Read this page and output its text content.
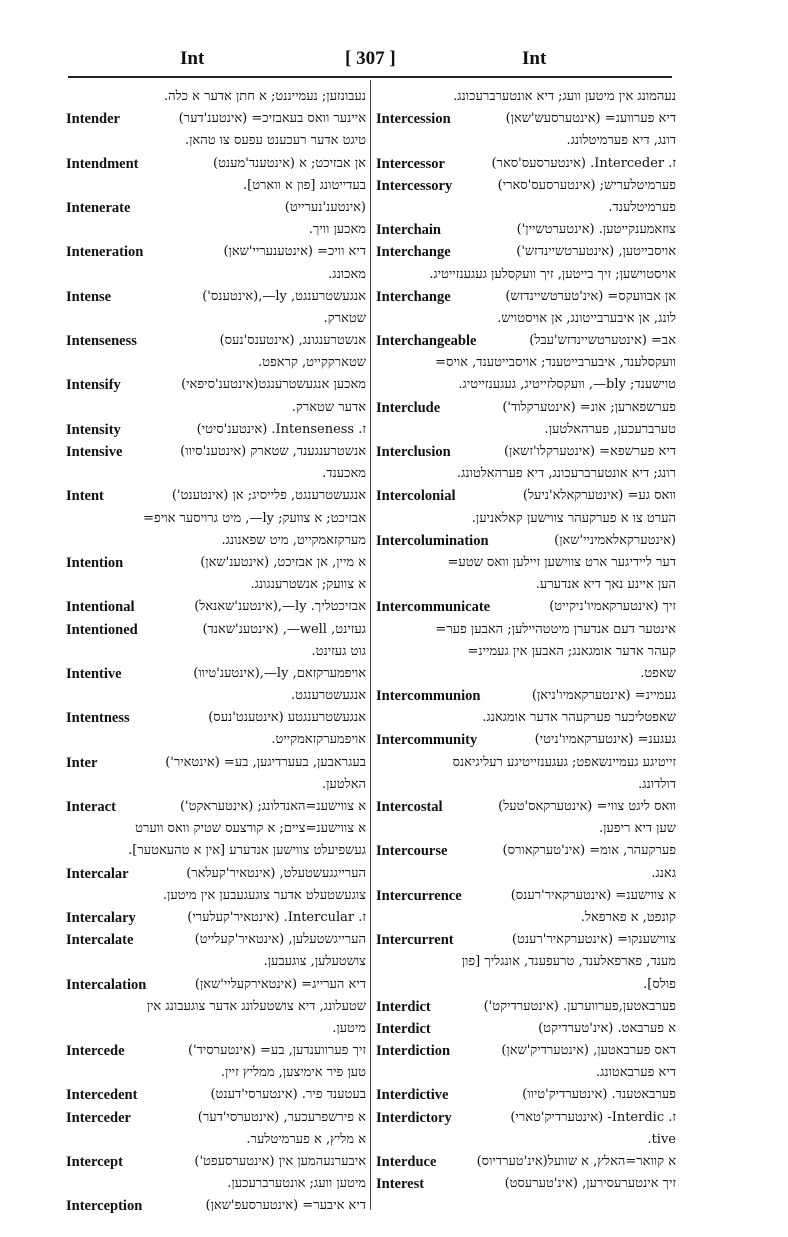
Int	[ 307 ]	Int
נעבונזען; נעמייננט; א חתן אדער א כלה.
Intender	איינער וואס בעאבזיכ= (אינטענ'דער)
טיגט אדער רעכענט עפעס צו טהאן.
Intendment	אן אבזיכט; א (אינטענד'מענט)
בעדייטונג [פון א ווארט].
Intenerate	(אינטענ'נערייט)
מאכען וויך.
Inteneration	דיא וויכ= (אינטענעריי'שאן)
מאכונג.
Intense	אנגעשטרענגט, ly—,(אינטענס')
שטארק.
Intenseness	אנשטרענגונג, (אינטענס'נעס)
שטארקקייט, קראפט.
Intensify	מאכען אנגעשטרענגט(אינטענ'סיפאי)
אדער שטארק.
Intensity	ז. Intenseness. (אינטענ'סיטי)
Intensive	אנשטרענגענד, שטארק (אינטענ'סיוו)
מאכענד.
Intent	אנגעשטרענגט, פלייסיג; אן (אינטענט')
אבזיכט; א צוועק; ly—, מיט גרויסער אויפ=
מערקזאמקייט, מיט שפאנונג.
Intention	א מיין, אן אבזיכט, (אינטענ'שאן)
א צוועק; אנשטרענגונג.
Intentional	אבזיכטליך. ly—,(אינטענ'שאנאל)
Intentioned	געזינט, well—, (אינטענ'שאנד)
גוט געזינט.
Intentive	אויפמערקזאם, ly—,(אינטענ'טיוו)
אנגעשטרענגט.
Intentness	אנגעשטרענגטע (אינטענט'נעס)
אויפמערקזאמקייט.
Inter	בעגראבען, בעערדיגען, בע= (אינטאיר')
האלטען.
Interact	א צווישענ=האנדלונג; (אינטעראקט')
א צווישענ=ציים; א קורצעס שטיק וואס ווערט
געשפיעלט צווישען אנדערע [אין א טהעאטער].
Intercalar	הערייגגעשטעלט, (אינטאיר'קעלאר)
צוגעשטעלט אדער צוגעגעבען אין מיטען.
Intercalary	ז. Intercular. (אינטאיר'קעלערי)
Intercalate	הערייגשטעלען, (אינטאיר'קעלייט)
צושטעלען, צוגעבען.
Intercalation	דיא הערייג= (אינטאירקעליי'שאן)
שטעלונג, דיא צושטעלונג אדער צוגעבונג אין
מיטען.
Intercede	זיך פערווענדען, בע= (אינטערסיד')
טען פיר אימיצען, ממליץ זיין.
Intercedent	בעטענד פיר. (אינטערסי'דענט)
Interceder	א פירשפרעכער, (אינטערסי'דער)
א מליץ, א פערמיטלער.
Intercept	איבערנעהמען אין (אינטערסעפט')
מיטען וועג; אונטערברעכען.
Interception	דיא איבער= (אינטערסעפ'שאן)
נעהמונג אין מיטען וועג; דיא אונטערברעכונג.
Intercession	דיא פערווענ= (אינטערסעש'שאן)
דונג, דיא פערמיטלונג.
Intercessor	ז. Interceder. (אינטערסעס'סאר)
Intercessory	פערמיטלעריש; (אינטערסעס'סארי)
פערמיטלענד.
Interchain	צוזאמענקייטען. (אינטערטשיין')
Interchange	אויסבייטען, (אינטערטשיינדזש')
אויסטוישען; זיך בייטען, זיך וועקסלען געגענזייטיג.
Interchange	אן אבוועקס= (אינ'טערטשיינדזש)
לונג, אן איבערבייטונג, אן אויסטויש.
Interchangeable	אב= (אינטערטשיינדזש'עבל)
וועקסלענד, איבערבייטענד; אויסבייטענד, אויס=
טוישענד; bly—, וועקסלזייטיג, געגענזייטיג.
Interclude	פערשפארען; אונ= (אינטערקלוד')
טערברעכען, פערהאלטען.
Interclusion	דיא פערשפא= (אינטערקלו'זשאן)
רונג; דיא אונטערברעכונג, דיא פערהאלטונג.
Intercolonial	וואס גע= (אינטערקאלא'ניעל)
הערט צו א פערקעהר צווישען קאלאניען.
Intercolumination	(אינטערקאלאמיניי'שאן)
דער ליידיגער ארט צווישען זיילען וואס שטע=
הען איינע נאך דיא אנדערע.
Intercommunicate	זיך (אינטערקאמיו'ניקייט)
אינטער דעם אנדערן מיטטהיילען; האבען פער=
קעהר אדער אומגאנג; האבען אין געמיינ=
שאפט.
Intercommunion	געמיינ= (אינטערקאמיו'ניאן)
שאפטליכער פערקעהר אדער אומגאנג.
Intercommunity	געגענ= (אינטערקאמיו'ניטי)
זייטיגע געמיינשאפט; געגענזייטיגע רעליגיאנס
דולדונג.
Intercostal	וואס ליגט צווי= (אינטערקאס'טעל)
שען דיא ריפען.
Intercourse	פערקעהר, אומ= (אינ'טערקאורס)
גאנג.
Intercurrence	א צווישענ= (אינטערקאיר'רענס)
קונפט, א פארפאל.
Intercurrent	צווישענקו= (אינטערקאיר'רענט)
מענד, פארפאלענד, טרעפענד, אונגליך [פון
פולס].
Interdict	פערבאטען,פערווערען. (אינטערדיקט')
Interdict	א פערבאט. (אינ'טערדיקט)
Interdiction	דאס פערבאטען, (אינטערדיק'שאן)
דיא פערבאטונג.
Interdictive	פערבאטענד. (אינטערדיק'טיוו)
Interdictory	ז. Interdic- (אינטערדיק'טארי)
tive.
Interduce	א קוואר=האלץ, א שוועל(אינ'טערדיוס)
Interest	זיך אינטערעסירען, (אינ'טערעסט)
